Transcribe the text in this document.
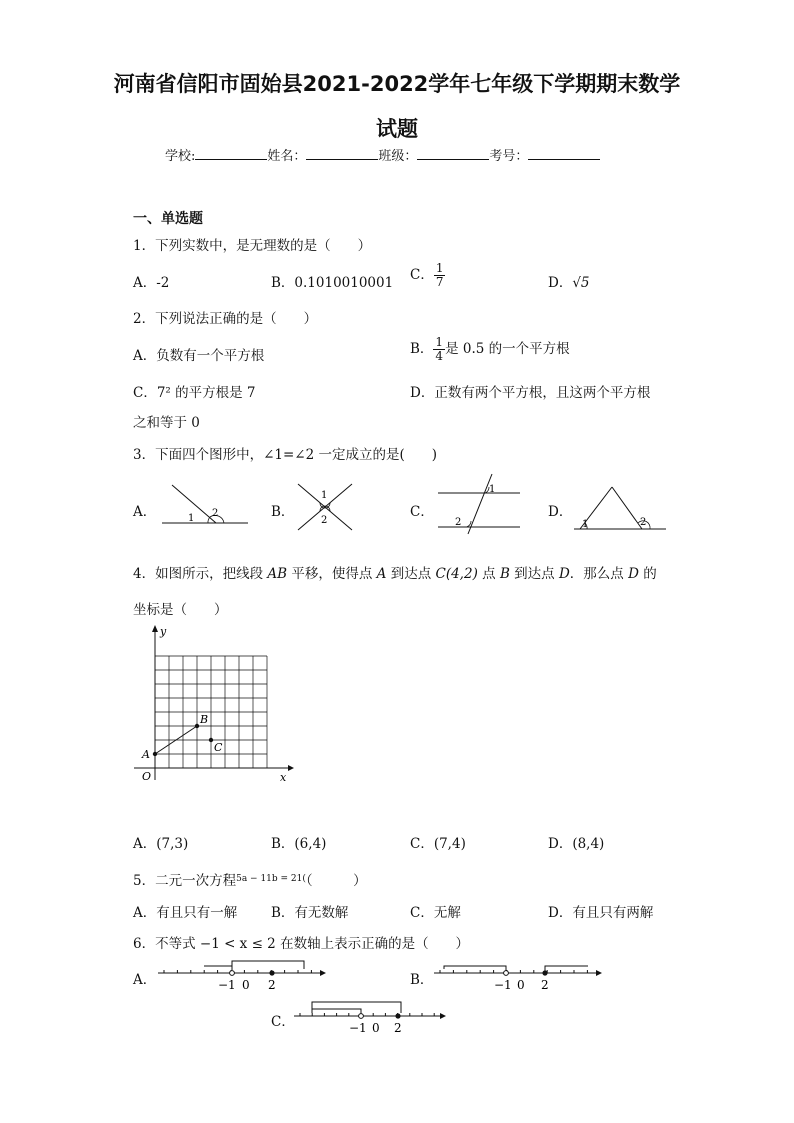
河南省信阳市固始县2021-2022学年七年级下学期期末数学
试题
学校:	姓名：	班级：	考号：
一、单选题
1．下列实数中，是无理数的是（　　）
A．-2	B．0.1010010001 C． $\frac{1}{7}$	D．√5
2．下列说法正确的是（　　）
A．负数有一个平方根	B． $\frac{1}{4}$ 是 0.5 的一个平方根
C．7² 的平方根是 7	D．正数有两个平方根，且这两个平方根
之和等于 0
3．下面四个图形中，∠1=∠2 一定成立的是(　　)
A．	1 2	B．
1
2
C．
1
2
D．
1	2
4．如图所示，把线段 AB 平移，使得点 A 到达点 C(4,2) 点 B 到达点 D．那么点 D 的
坐标是（　　）
y
x
O
A
B
C
A．(7,3)	B．(6,4)	C．(7,4)	D．(8,4)
5．二元一次方程$^{5a - 11b = 21(}$（　　　）
A．有且只有一解	B．有无数解	C．无解	D．有且只有两解
6．不等式 −1 < x ≤ 2 在数轴上表示正确的是（　　）
A．	−1 0 2	B．	−1 0 2
C．	−1 0 2
